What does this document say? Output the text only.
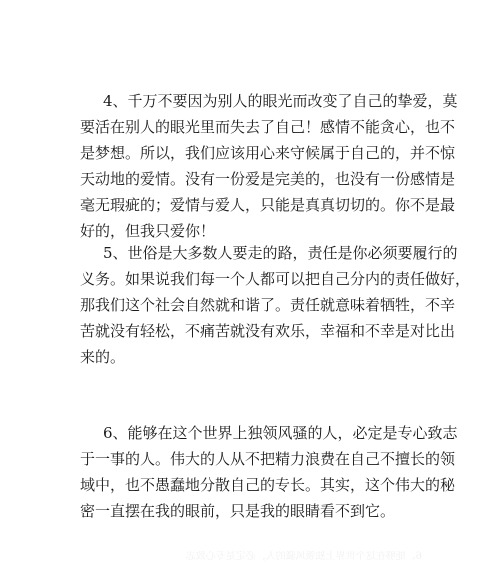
4、千万不要因为别人的眼光而改变了自己的挚爱，莫
要活在别人的眼光里而失去了自己！感情不能贪心，也不
是梦想。所以，我们应该用心来守候属于自己的，并不惊
天动地的爱情。没有一份爱是完美的，也没有一份感情是
毫无瑕疵的；爱情与爱人，只能是真真切切的。你不是最
好的，但我只爱你！

5、世俗是大多数人要走的路，责任是你必须要履行的
义务。如果说我们每一个人都可以把自己分内的责任做好，
那我们这个社会自然就和谐了。责任就意味着牺牲，不辛
苦就没有轻松，不痛苦就没有欢乐，幸福和不幸是对比出
来的。

6、能够在这个世界上独领风骚的人，必定是专心致志
于一事的人。伟大的人从不把精力浪费在自己不擅长的领
域中，也不愚蠢地分散自己的专长。其实，这个伟大的秘
密一直摆在我的眼前，只是我的眼睛看不到它。

6、能够在这个世界上独领风骚的人，必定是专心致志
